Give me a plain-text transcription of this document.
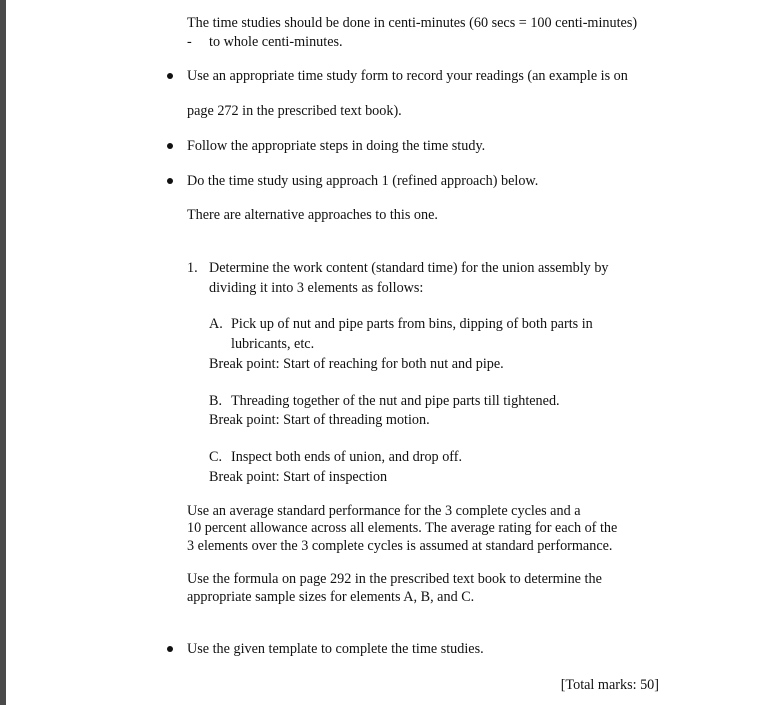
The time studies should be done in centi-minutes (60 secs = 100 centi-minutes)
- to whole centi-minutes.
Use an appropriate time study form to record your readings (an example is on
page 272 in the prescribed text book).
Follow the appropriate steps in doing the time study.
Do the time study using approach 1 (refined approach) below.
There are alternative approaches to this one.
1. Determine the work content (standard time) for the union assembly by
dividing it into 3 elements as follows:
A. Pick up of nut and pipe parts from bins, dipping of both parts in
lubricants, etc.
Break point: Start of reaching for both nut and pipe.
B. Threading together of the nut and pipe parts till tightened.
Break point: Start of threading motion.
C. Inspect both ends of union, and drop off.
Break point: Start of inspection
Use an average standard performance for the 3 complete cycles and a
10 percent allowance across all elements. The average rating for each of the
3 elements over the 3 complete cycles is assumed at standard performance.
Use the formula on page 292 in the prescribed text book to determine the
appropriate sample sizes for elements A, B, and C.
Use the given template to complete the time studies.
[Total marks: 50]
